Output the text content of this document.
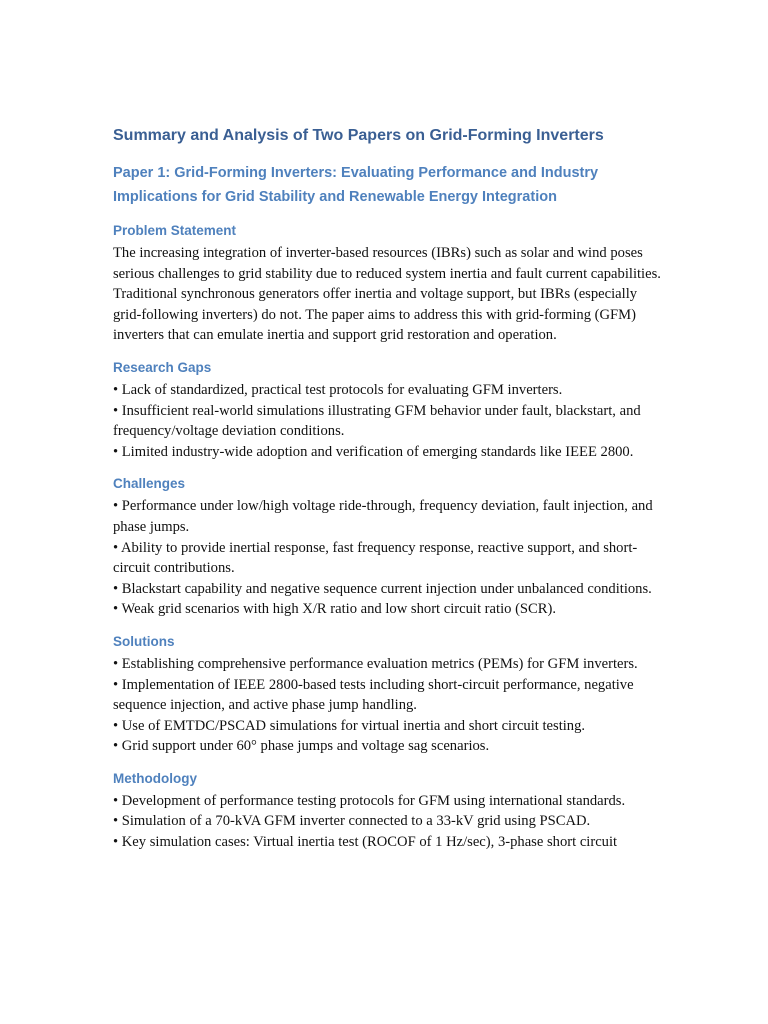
Summary and Analysis of Two Papers on Grid-Forming Inverters
Paper 1: Grid-Forming Inverters: Evaluating Performance and Industry Implications for Grid Stability and Renewable Energy Integration
Problem Statement

The increasing integration of inverter-based resources (IBRs) such as solar and wind poses serious challenges to grid stability due to reduced system inertia and fault current capabilities. Traditional synchronous generators offer inertia and voltage support, but IBRs (especially grid-following inverters) do not. The paper aims to address this with grid-forming (GFM) inverters that can emulate inertia and support grid restoration and operation.

Research Gaps
• Lack of standardized, practical test protocols for evaluating GFM inverters.
• Insufficient real-world simulations illustrating GFM behavior under fault, blackstart, and frequency/voltage deviation conditions.
• Limited industry-wide adoption and verification of emerging standards like IEEE 2800.
Challenges
• Performance under low/high voltage ride-through, frequency deviation, fault injection, and phase jumps.
• Ability to provide inertial response, fast frequency response, reactive support, and short-circuit contributions.
• Blackstart capability and negative sequence current injection under unbalanced conditions.
• Weak grid scenarios with high X/R ratio and low short circuit ratio (SCR).
Solutions
• Establishing comprehensive performance evaluation metrics (PEMs) for GFM inverters.
• Implementation of IEEE 2800-based tests including short-circuit performance, negative sequence injection, and active phase jump handling.
• Use of EMTDC/PSCAD simulations for virtual inertia and short circuit testing.
• Grid support under 60° phase jumps and voltage sag scenarios.
Methodology
• Development of performance testing protocols for GFM using international standards.
• Simulation of a 70-kVA GFM inverter connected to a 33-kV grid using PSCAD.
• Key simulation cases: Virtual inertia test (ROCOF of 1 Hz/sec), 3-phase short circuit
